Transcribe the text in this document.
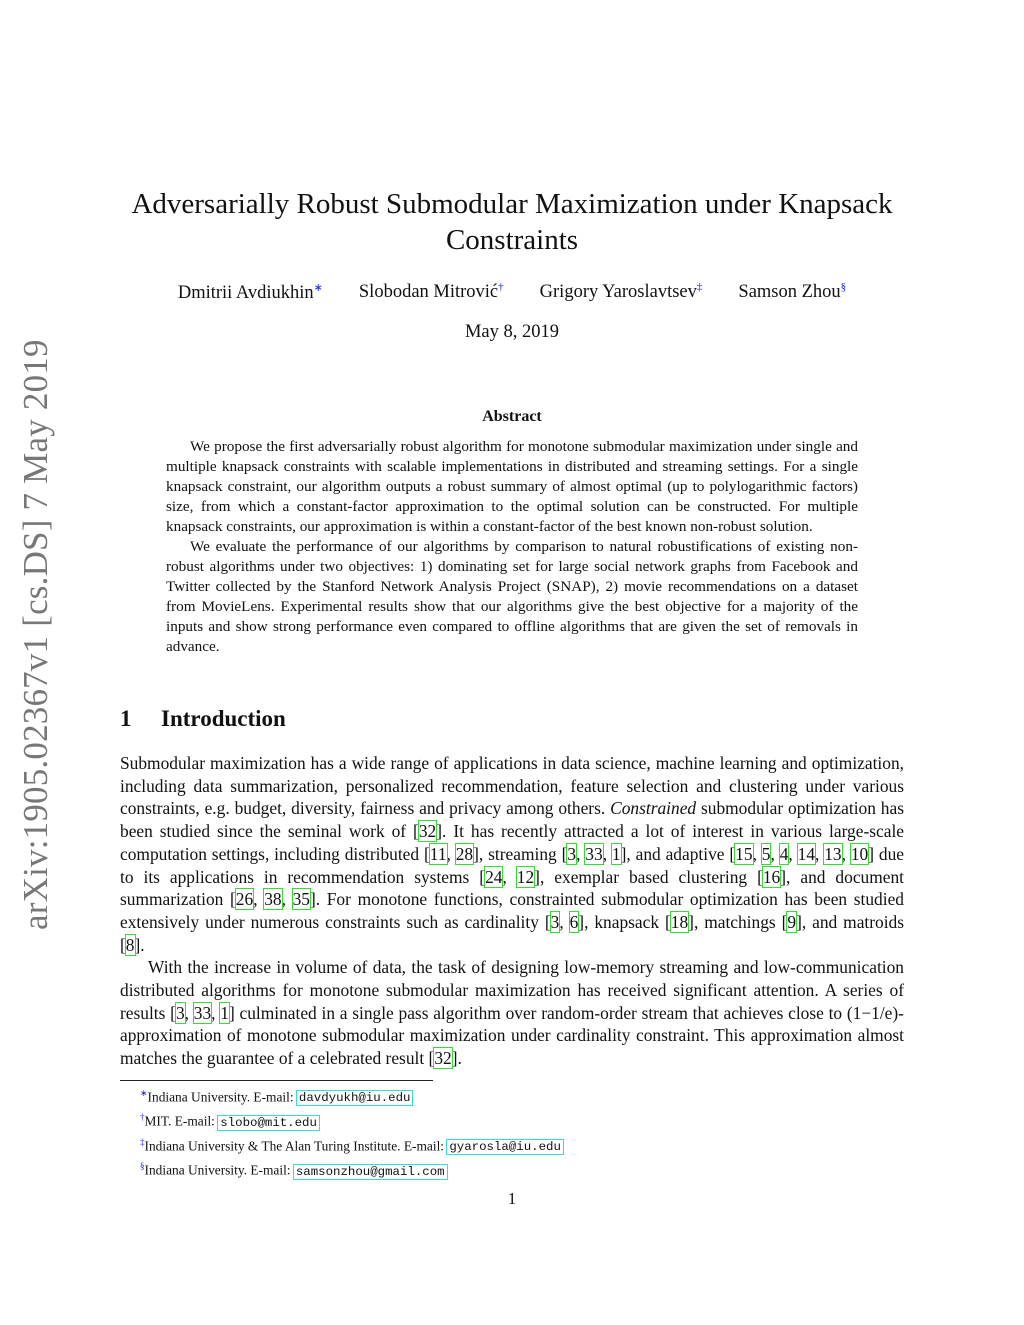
arXiv:1905.02367v1 [cs.DS] 7 May 2019
Adversarially Robust Submodular Maximization under Knapsack Constraints
Dmitrii Avdiukhin∗ Slobodan Mitrović† Grigory Yaroslavtsev‡ Samson Zhou§
May 8, 2019
Abstract

We propose the first adversarially robust algorithm for monotone submodular maximization under single and multiple knapsack constraints with scalable implementations in distributed and streaming settings. For a single knapsack constraint, our algorithm outputs a robust summary of almost optimal (up to polylogarithmic factors) size, from which a constant-factor approximation to the optimal solution can be constructed. For multiple knapsack constraints, our approximation is within a constant-factor of the best known non-robust solution.

We evaluate the performance of our algorithms by comparison to natural robustifications of existing non-robust algorithms under two objectives: 1) dominating set for large social network graphs from Facebook and Twitter collected by the Stanford Network Analysis Project (SNAP), 2) movie recommendations on a dataset from MovieLens. Experimental results show that our algorithms give the best objective for a majority of the inputs and show strong performance even compared to offline algorithms that are given the set of removals in advance.

1 Introduction

Submodular maximization has a wide range of applications in data science, machine learning and optimization, including data summarization, personalized recommendation, feature selection and clustering under various constraints, e.g. budget, diversity, fairness and privacy among others. Constrained submodular optimization has been studied since the seminal work of [32]. It has recently attracted a lot of interest in various large-scale computation settings, including distributed [11, 28], streaming [3, 33, 1], and adaptive [15, 5, 4, 14, 13, 10] due to its applications in recommendation systems [24, 12], exemplar based clustering [16], and document summarization [26, 38, 35]. For monotone functions, constrainted submodular optimization has been studied extensively under numerous constraints such as cardinality [3, 6], knapsack [18], matchings [9], and matroids [8].

With the increase in volume of data, the task of designing low-memory streaming and low-communication distributed algorithms for monotone submodular maximization has received significant attention. A series of results [3, 33, 1] culminated in a single pass algorithm over random-order stream that achieves close to (1−1/e)-approximation of monotone submodular maximization under cardinality constraint. This approximation almost matches the guarantee of a celebrated result [32].

∗Indiana University. E-mail: davdyukh@iu.edu
†MIT. E-mail: slobo@mit.edu
‡Indiana University & The Alan Turing Institute. E-mail: gyarosla@iu.edu
§Indiana University. E-mail: samsonzhou@gmail.com
1
